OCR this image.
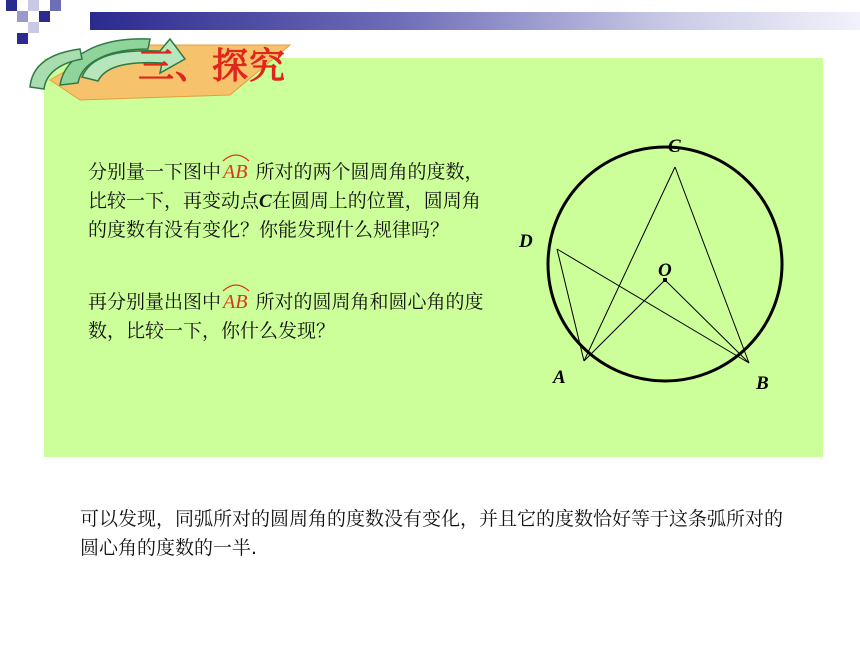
三、探究
分别量一下图中 AB 所对的两个圆周角的度数，比较一下，再变动点C在圆周上的位置，圆周角的度数有没有变化？你能发现什么规律吗？
再分别量出图中 AB 所对的圆周角和圆心角的度数，比较一下，你什么发现？
C
D
O
A	B
可以发现，同弧所对的圆周角的度数没有变化，并且它的度数恰好等于这条弧所对的圆心角的度数的一半.
